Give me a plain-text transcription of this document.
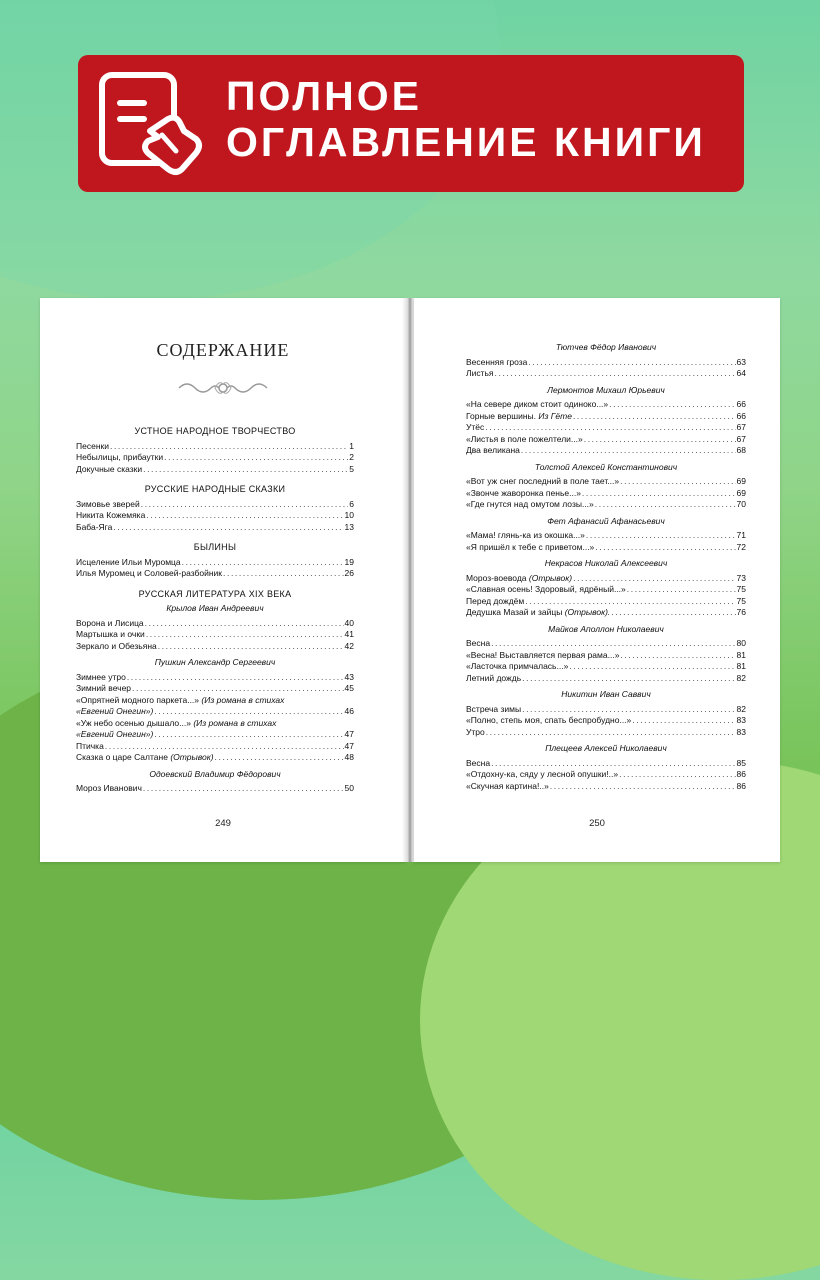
ПОЛНОЕ
ОГЛАВЛЕНИЕ КНИГИ
СОДЕРЖАНИЕ
УСТНОЕ НАРОДНОЕ ТВОРЧЕСТВО
Песенки .....	1
Небылицы, прибаутки .....	2
Докучные сказки .....	5
РУССКИЕ НАРОДНЫЕ СКАЗКИ
Зимовье зверей .....	6
Никита Кожемяка .....	10
Баба-Яга .....	13
БЫЛИНЫ
Исцеление Ильи Муромца .....	19
Илья Муромец и Соловей-разбойник .....	26
РУССКАЯ ЛИТЕРАТУРА XIX ВЕКА
Крылов Иван Андреевич
Ворона и Лисица .....	40
Мартышка и очки .....	41
Зеркало и Обезьяна .....	42
Пушкин Александр Сергеевич
Зимнее утро .....	43
Зимний вечер .....	45
«Опрятней модного паркета...» (Из романа в стихах
«Евгений Онегин») .....	46
«Уж небо осенью дышало...» (Из романа в стихах
«Евгений Онегин») .....	47
Птичка .....	47
Сказка о царе Салтане (Отрывок) .....	48
Одоевский Владимир Фёдорович
Мороз Иванович .....	50
249
Тютчев Фёдор Иванович
Весенняя гроза .....	63
Листья .....	64
Лермонтов Михаил Юрьевич
«На севере диком стоит одиноко...» .....	66
Горные вершины. Из Гёте .....	66
Утёс .....	67
«Листья в поле пожелтели...» .....	67
Два великана .....	68
Толстой Алексей Константинович
«Вот уж снег последний в поле тает...» .....	69
«Звонче жаворонка пенье...» .....	69
«Где гнутся над омутом лозы...» .....	70
Фет Афанасий Афанасьевич
«Мама! глянь-ка из окошка...» .....	71
«Я пришёл к тебе с приветом...» .....	72
Некрасов Николай Алексеевич
Мороз-воевода (Отрывок) .....	73
«Славная осень! Здоровый, ядрёный...» .....	75
Перед дождём .....	75
Дедушка Мазай и зайцы (Отрывок). .....	76
Майков Аполлон Николаевич
Весна .....	80
«Весна! Выставляется первая рама...» .....	81
«Ласточка примчалась...» .....	81
Летний дождь .....	82
Никитин Иван Саввич
Встреча зимы .....	82
«Полно, степь моя, спать беспробудно...» .....	83
Утро .....	83
Плещеев Алексей Николаевич
Весна .....	85
«Отдохну-ка, сяду у лесной опушки!..» .....	86
«Скучная картина!..» .....	86
250
